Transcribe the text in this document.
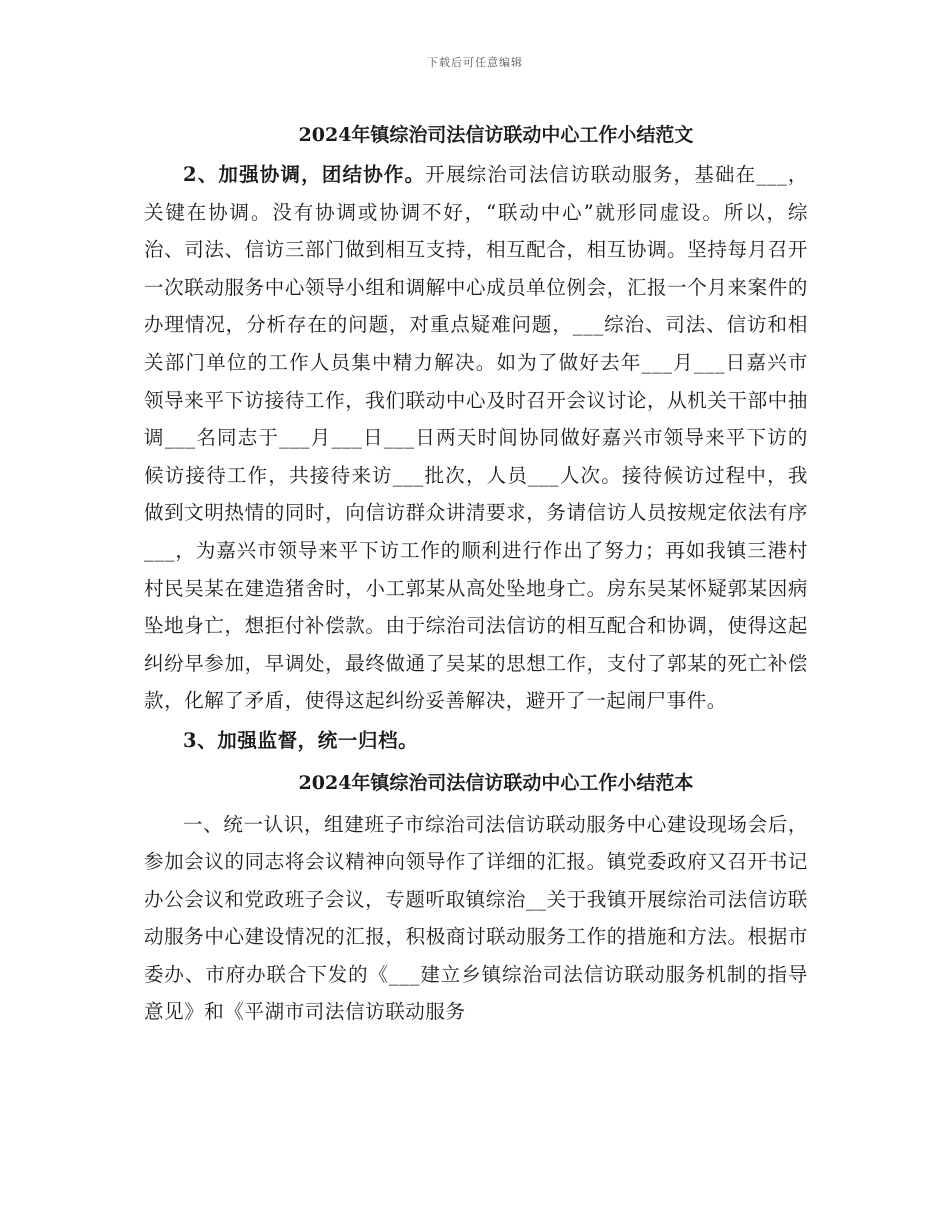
下载后可任意编辑
2024年镇综治司法信访联动中心工作小结范文

2、加强协调，团结协作。开展综治司法信访联动服务，基础在___，关键在协调。没有协调或协调不好，“联动中心”就形同虚设。所以，综治、司法、信访三部门做到相互支持，相互配合，相互协调。坚持每月召开一次联动服务中心领导小组和调解中心成员单位例会，汇报一个月来案件的办理情况，分析存在的问题，对重点疑难问题，___综治、司法、信访和相关部门单位的工作人员集中精力解决。如为了做好去年___月___日嘉兴市领导来平下访接待工作，我们联动中心及时召开会议讨论，从机关干部中抽调___名同志于___月___日___日两天时间协同做好嘉兴市领导来平下访的候访接待工作，共接待来访___批次，人员___人次。接待候访过程中，我做到文明热情的同时，向信访群众讲清要求，务请信访人员按规定依法有序___，为嘉兴市领导来平下访工作的顺利进行作出了努力；再如我镇三港村村民吴某在建造猪舍时，小工郭某从高处坠地身亡。房东吴某怀疑郭某因病坠地身亡，想拒付补偿款。由于综治司法信访的相互配合和协调，使得这起纠纷早参加，早调处，最终做通了吴某的思想工作，支付了郭某的死亡补偿款，化解了矛盾，使得这起纠纷妥善解决，避开了一起闹尸事件。

3、加强监督，统一归档。

2024年镇综治司法信访联动中心工作小结范本

一、统一认识，组建班子市综治司法信访联动服务中心建设现场会后，参加会议的同志将会议精神向领导作了详细的汇报。镇党委政府又召开书记办公会议和党政班子会议，专题听取镇综治__关于我镇开展综治司法信访联动服务中心建设情况的汇报，积极商讨联动服务工作的措施和方法。根据市委办、市府办联合下发的《___建立乡镇综治司法信访联动服务机制的指导意见》和《平湖市司法信访联动服务
